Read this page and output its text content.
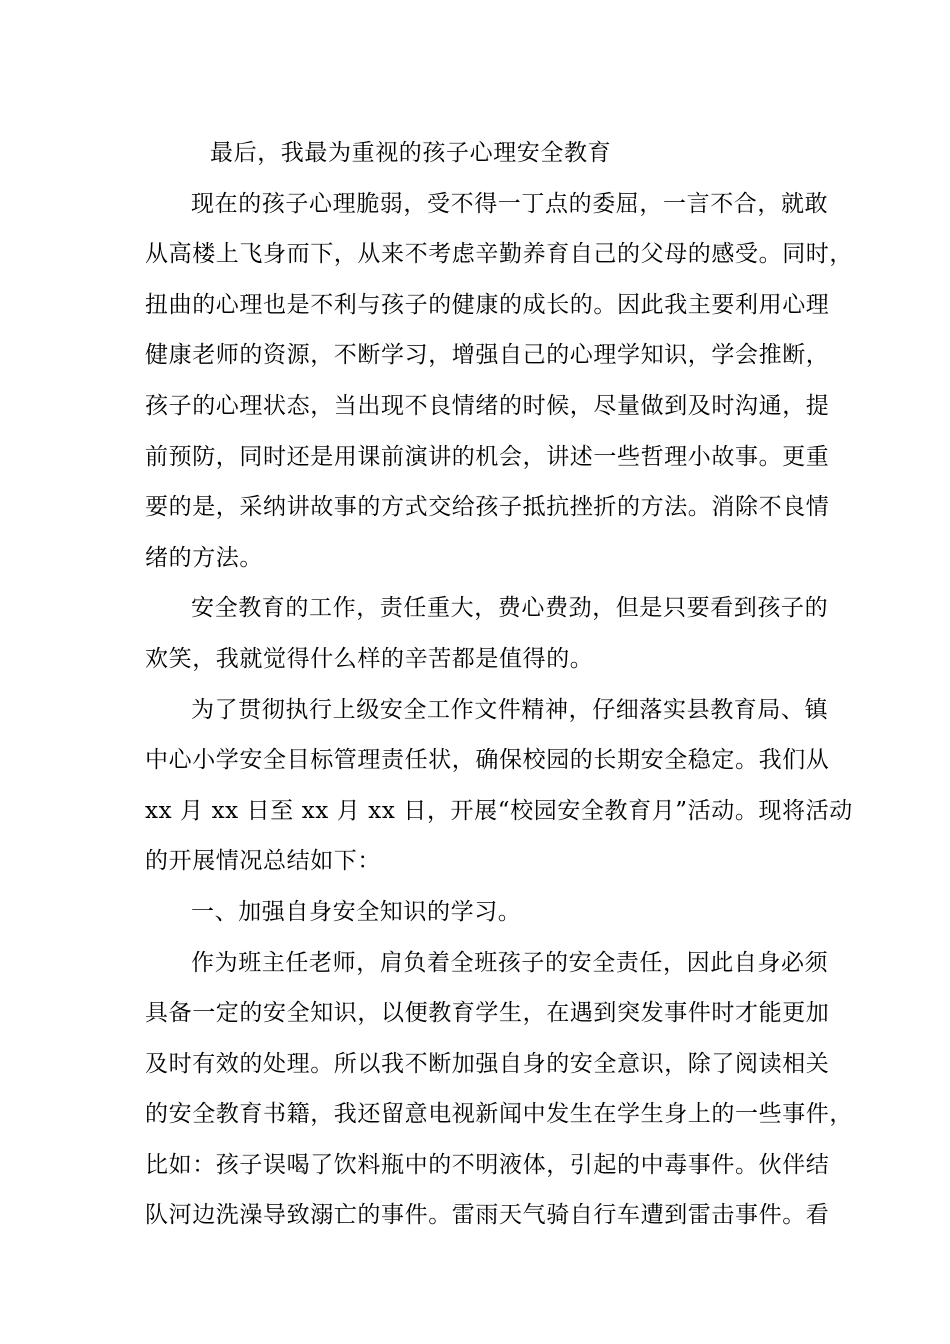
最后，我最为重视的孩子心理安全教育
现在的孩子心理脆弱，受不得一丁点的委屈，一言不合，就敢
从高楼上飞身而下，从来不考虑辛勤养育自己的父母的感受。同时，
扭曲的心理也是不利与孩子的健康的成长的。因此我主要利用心理
健康老师的资源，不断学习，增强自己的心理学知识，学会推断，
孩子的心理状态，当出现不良情绪的时候，尽量做到及时沟通，提
前预防，同时还是用课前演讲的机会，讲述一些哲理小故事。更重
要的是，采纳讲故事的方式交给孩子抵抗挫折的方法。消除不良情
绪的方法。
安全教育的工作，责任重大，费心费劲，但是只要看到孩子的
欢笑，我就觉得什么样的辛苦都是值得的。
为了贯彻执行上级安全工作文件精神，仔细落实县教育局、镇
中心小学安全目标管理责任状，确保校园的长期安全稳定。我们从
xx 月 xx 日至 xx 月 xx 日，开展“校园安全教育月”活动。现将活动
的开展情况总结如下：
一、加强自身安全知识的学习。
作为班主任老师，肩负着全班孩子的安全责任，因此自身必须
具备一定的安全知识，以便教育学生，在遇到突发事件时才能更加
及时有效的处理。所以我不断加强自身的安全意识，除了阅读相关
的安全教育书籍，我还留意电视新闻中发生在学生身上的一些事件，
比如：孩子误喝了饮料瓶中的不明液体，引起的中毒事件。伙伴结
队河边洗澡导致溺亡的事件。雷雨天气骑自行车遭到雷击事件。看
